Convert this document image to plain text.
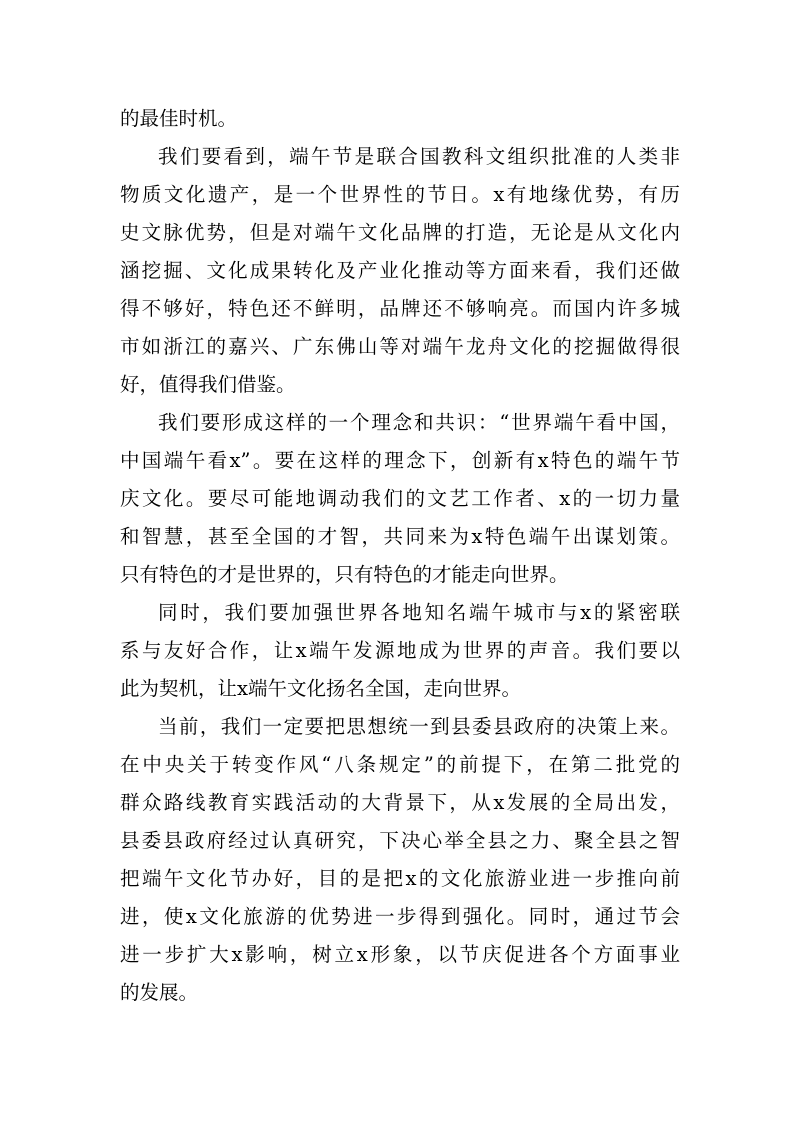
的最佳时机。
我们要看到，端午节是联合国教科文组织批准的人类非
物质文化遗产，是一个世界性的节日。x有地缘优势，有历
史文脉优势，但是对端午文化品牌的打造，无论是从文化内
涵挖掘、文化成果转化及产业化推动等方面来看，我们还做
得不够好，特色还不鲜明，品牌还不够响亮。而国内许多城
市如浙江的嘉兴、广东佛山等对端午龙舟文化的挖掘做得很
好，值得我们借鉴。
我们要形成这样的一个理念和共识：“世界端午看中国，
中国端午看x”。要在这样的理念下，创新有x特色的端午节
庆文化。要尽可能地调动我们的文艺工作者、x的一切力量
和智慧，甚至全国的才智，共同来为x特色端午出谋划策。
只有特色的才是世界的，只有特色的才能走向世界。
同时，我们要加强世界各地知名端午城市与x的紧密联
系与友好合作，让x端午发源地成为世界的声音。我们要以
此为契机，让x端午文化扬名全国，走向世界。
当前，我们一定要把思想统一到县委县政府的决策上来。
在中央关于转变作风“八条规定”的前提下，在第二批党的
群众路线教育实践活动的大背景下，从x发展的全局出发，
县委县政府经过认真研究，下决心举全县之力、聚全县之智
把端午文化节办好，目的是把x的文化旅游业进一步推向前
进，使x文化旅游的优势进一步得到强化。同时，通过节会
进一步扩大x影响，树立x形象，以节庆促进各个方面事业
的发展。
